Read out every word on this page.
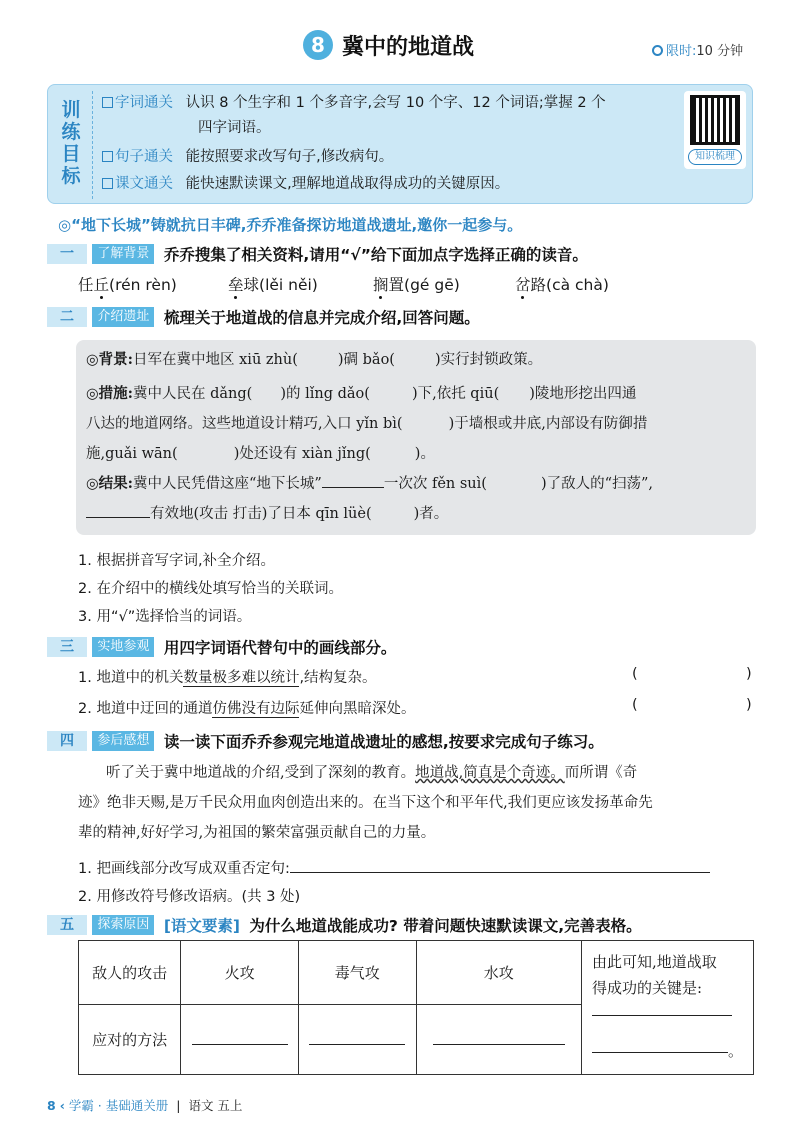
8 冀中的地道战	限时:10 分钟
训
练
目
标
字词通关 认识 8 个生字和 1 个多音字,会写 10 个字、12 个词语;掌握 2 个
四字词语。
句子通关 能按照要求改写句子,修改病句。
课文通关 能快速默读课文,理解地道战取得成功的关键原因。
知识梳理
◎“地下长城”铸就抗日丰碑,乔乔准备探访地道战遗址,邀你一起参与。
一 了解背景 乔乔搜集了相关资料,请用“√”给下面加点字选择正确的读音。
任丘(rén rèn)	垒球(lěi něi)	搁置(gé gē)	岔路(cà chà)
二 介绍遗址 梳理关于地道战的信息并完成介绍,回答问题。
◎背景:日军在冀中地区 xiū zhù(	)碉 bǎo(	)实行封锁政策。
◎措施:冀中人民在 dǎng( )的 lǐng dǎo(	)下,依托 qiū( )陵地形挖出四通
八达的地道网络。这些地道设计精巧,入口 yǐn bì(	)于墙根或井底,内部设有防御措
施,guǎi wān(	)处还设有 xiàn jǐng(	)。
◎结果:冀中人民凭借这座“地下长城”	一次次 fěn suì(	)了敌人的“扫荡”,
有效地(攻击 打击)了日本 qīn lüè(	)者。
1. 根据拼音写字词,补全介绍。
2. 在介绍中的横线处填写恰当的关联词。
3. 用“√”选择恰当的词语。
三 实地参观 用四字词语代替句中的画线部分。
1. 地道中的机关数量极多难以统计,结构复杂。	(	)
2. 地道中迂回的通道仿佛没有边际延伸向黑暗深处。	(	)
四 参后感想 读一读下面乔乔参观完地道战遗址的感想,按要求完成句子练习。
听了关于冀中地道战的介绍,受到了深刻的教育。地道战,简直是个奇迹。而所谓《奇
迹》绝非天赐,是万千民众用血肉创造出来的。在当下这个和平年代,我们更应该发扬革命先
辈的精神,好好学习,为祖国的繁荣富强贡献自己的力量。
1. 把画线部分改写成双重否定句:
2. 用修改符号修改语病。(共 3 处)
五 探索原因 [语文要素] 为什么地道战能成功? 带着问题快速默读课文,完善表格。
敌人的攻击	火攻	毒气攻	水攻	由此可知,地道战取
得成功的关键是:
。

应对的方法				
8 ‹ 学霸 · 基础通关册 | 语文 五上
